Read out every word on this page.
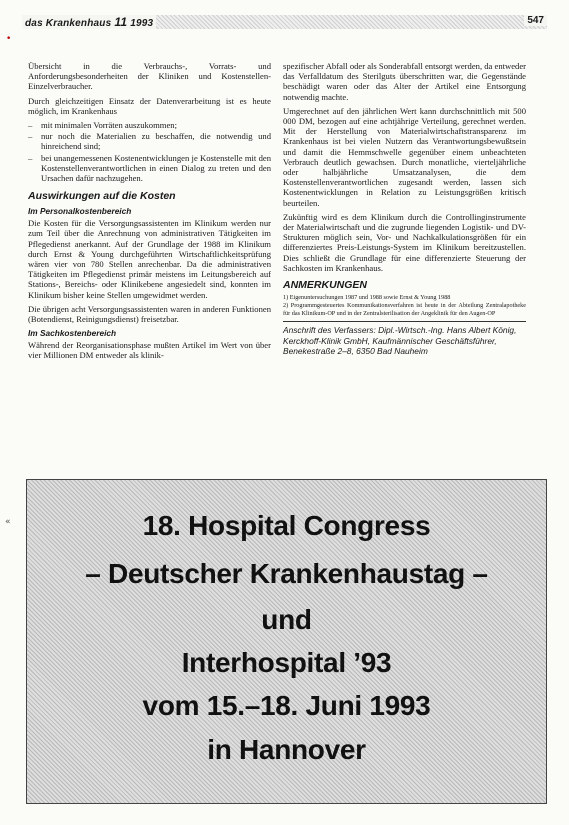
das Krankenhaus 11 1993	547
•
«

Übersicht in die Verbrauchs-, Vorrats- und Anforderungsbesonderheiten der Kliniken und Kostenstellen-Einzelverbraucher.

Durch gleichzeitigen Einsatz der Datenverarbeitung ist es heute möglich, im Krankenhaus

– mit minimalen Vorräten auszukommen;
– nur noch die Materialien zu beschaffen, die notwendig und hinreichend sind;
– bei unangemessenen Kostenentwicklungen je Kostenstelle mit den Kostenstellenverantwortlichen in einen Dialog zu treten und den Ursachen dafür nachzugehen.
Auswirkungen auf die Kosten
Im Personalkostenbereich

Die Kosten für die Versorgungsassistenten im Klinikum werden nur zum Teil über die Anrechnung von administrativen Tätigkeiten im Pflegedienst anerkannt. Auf der Grundlage der 1988 im Klinikum durch Ernst & Young durchgeführten Wirtschaftlichkeitsprüfung wären vier von 780 Stellen anrechenbar. Da die administrativen Tätigkeiten im Pflegedienst primär meistens im Leitungsbereich auf Stations-, Bereichs- oder Klinikebene angesiedelt sind, konnten im Klinikum bisher keine Stellen umgewidmet werden.

Die übrigen acht Versorgungsassistenten waren in anderen Funktionen (Botendienst, Reinigungsdienst) freisetzbar.

Im Sachkostenbereich

Während der Reorganisationsphase mußten Artikel im Wert von über vier Millionen DM entweder als klinik-

spezifischer Abfall oder als Sonderabfall entsorgt werden, da entweder das Verfalldatum des Sterilguts überschritten war, die Gegenstände beschädigt waren oder das Alter der Artikel eine Entsorgung notwendig machte.

Umgerechnet auf den jährlichen Wert kann durchschnittlich mit 500 000 DM, bezogen auf eine achtjährige Verteilung, gerechnet werden. Mit der Herstellung von Materialwirtschaftstransparenz im Krankenhaus ist bei vielen Nutzern das Verantwortungsbewußtsein und damit die Hemmschwelle gegenüber einem unbeachteten Verbrauch deutlich gewachsen. Durch monatliche, vierteljährliche oder halbjährliche Umsatzanalysen, die dem Kostenstellenverantwortlichen zugesandt werden, lassen sich Kostenentwicklungen in Relation zu Leistungsgrößen kritisch beurteilen.

Zukünftig wird es dem Klinikum durch die Controllinginstrumente der Materialwirtschaft und die zugrunde liegenden Logistik- und DV-Strukturen möglich sein, Vor- und Nachkalkulationsgrößen für ein differenziertes Preis-Leistungs-System im Klinikum bereitzustellen. Dies schließt die Grundlage für eine differenzierte Steuerung der Sachkosten im Krankenhaus.

ANMERKUNGEN
1) Eigenuntersuchungen 1987 und 1988 sowie Ernst & Young 1988
2) Programmgesteuertes Kommunikationsverfahren ist heute in der Abteilung Zentralapotheke für das Klinikum-OP und in der Zentralsterilisation der Angeklinik für den Augen-OP
Anschrift des Verfassers: Dipl.-Wirtsch.-Ing. Hans Albert König, Kerckhoff-Klinik GmbH, Kaufmännischer Geschäftsführer, Benekestraße 2–8, 6350 Bad Nauheim
18. Hospital Congress
– Deutscher Krankenhaustag –
und
Interhospital ’93
vom 15.–18. Juni 1993
in Hannover
